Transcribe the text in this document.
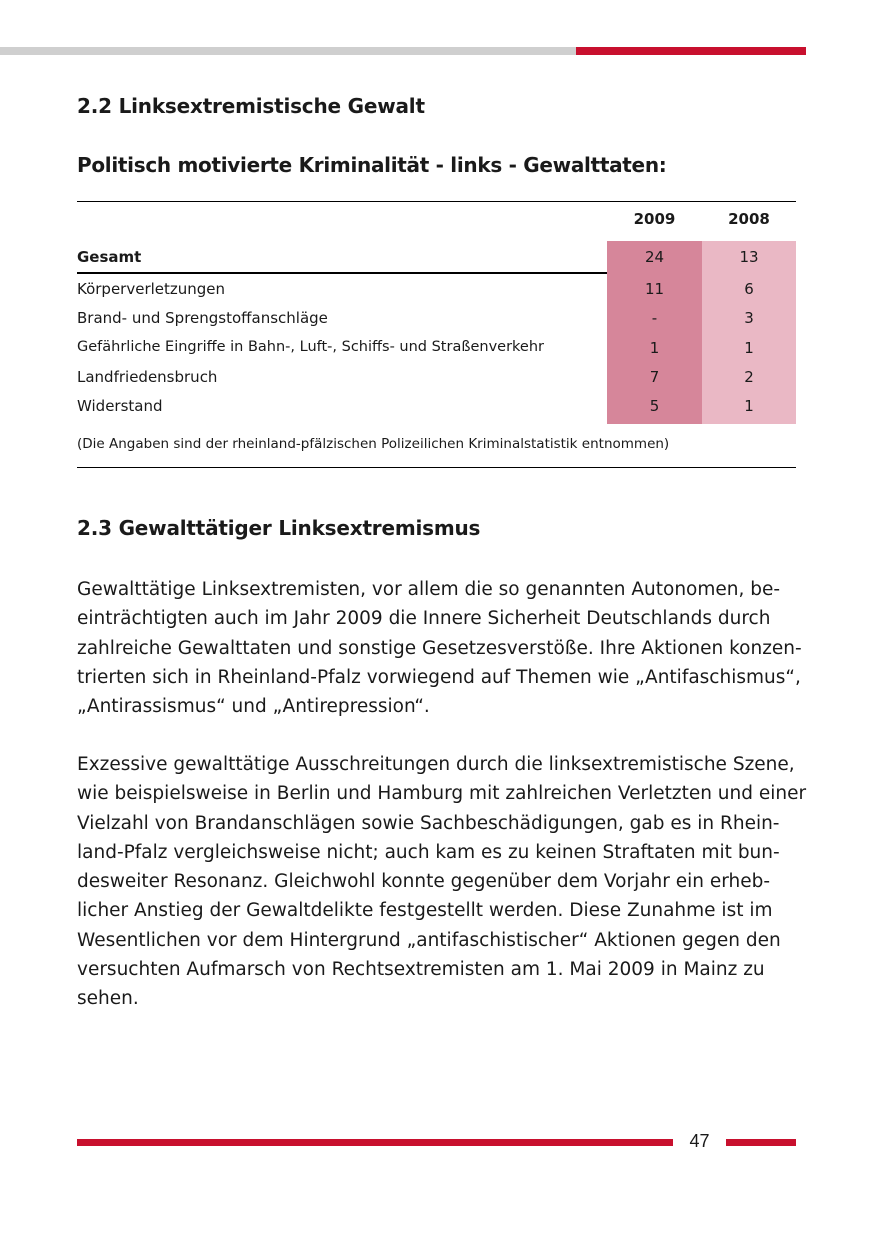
2.2 Linksextremistische Gewalt
Politisch motivierte Kriminalität - links - Gewalttaten:
2009	2008
Gesamt	24	13
Körperverletzungen	11	6
Brand- und Sprengstoffanschläge	-	3
Gefährliche Eingriffe in Bahn-, Luft-, Schiffs- und Straßenverkehr	1	1
Landfriedensbruch	7	2
Widerstand	5	1
(Die Angaben sind der rheinland-pfälzischen Polizeilichen Kriminalstatistik entnommen)
2.3 Gewalttätiger Linksextremismus

Gewalttätige Linksextremisten, vor allem die so genannten Autonomen, be-
einträchtigten auch im Jahr 2009 die Innere Sicherheit Deutschlands durch
zahlreiche Gewalttaten und sonstige Gesetzesverstöße. Ihre Aktionen konzen-
trierten sich in Rheinland-Pfalz vorwiegend auf Themen wie „Antifaschismus“,
„Antirassismus“ und „Antirepression“.

Exzessive gewalttätige Ausschreitungen durch die linksextremistische Szene,
wie beispielsweise in Berlin und Hamburg mit zahlreichen Verletzten und einer
Vielzahl von Brandanschlägen sowie Sachbeschädigungen, gab es in Rhein-
land-Pfalz vergleichsweise nicht; auch kam es zu keinen Straftaten mit bun-
desweiter Resonanz. Gleichwohl konnte gegenüber dem Vorjahr ein erheb-
licher Anstieg der Gewaltdelikte festgestellt werden. Diese Zunahme ist im
Wesentlichen vor dem Hintergrund „antifaschistischer“ Aktionen gegen den
versuchten Aufmarsch von Rechtsextremisten am 1. Mai 2009 in Mainz zu
sehen.

47
